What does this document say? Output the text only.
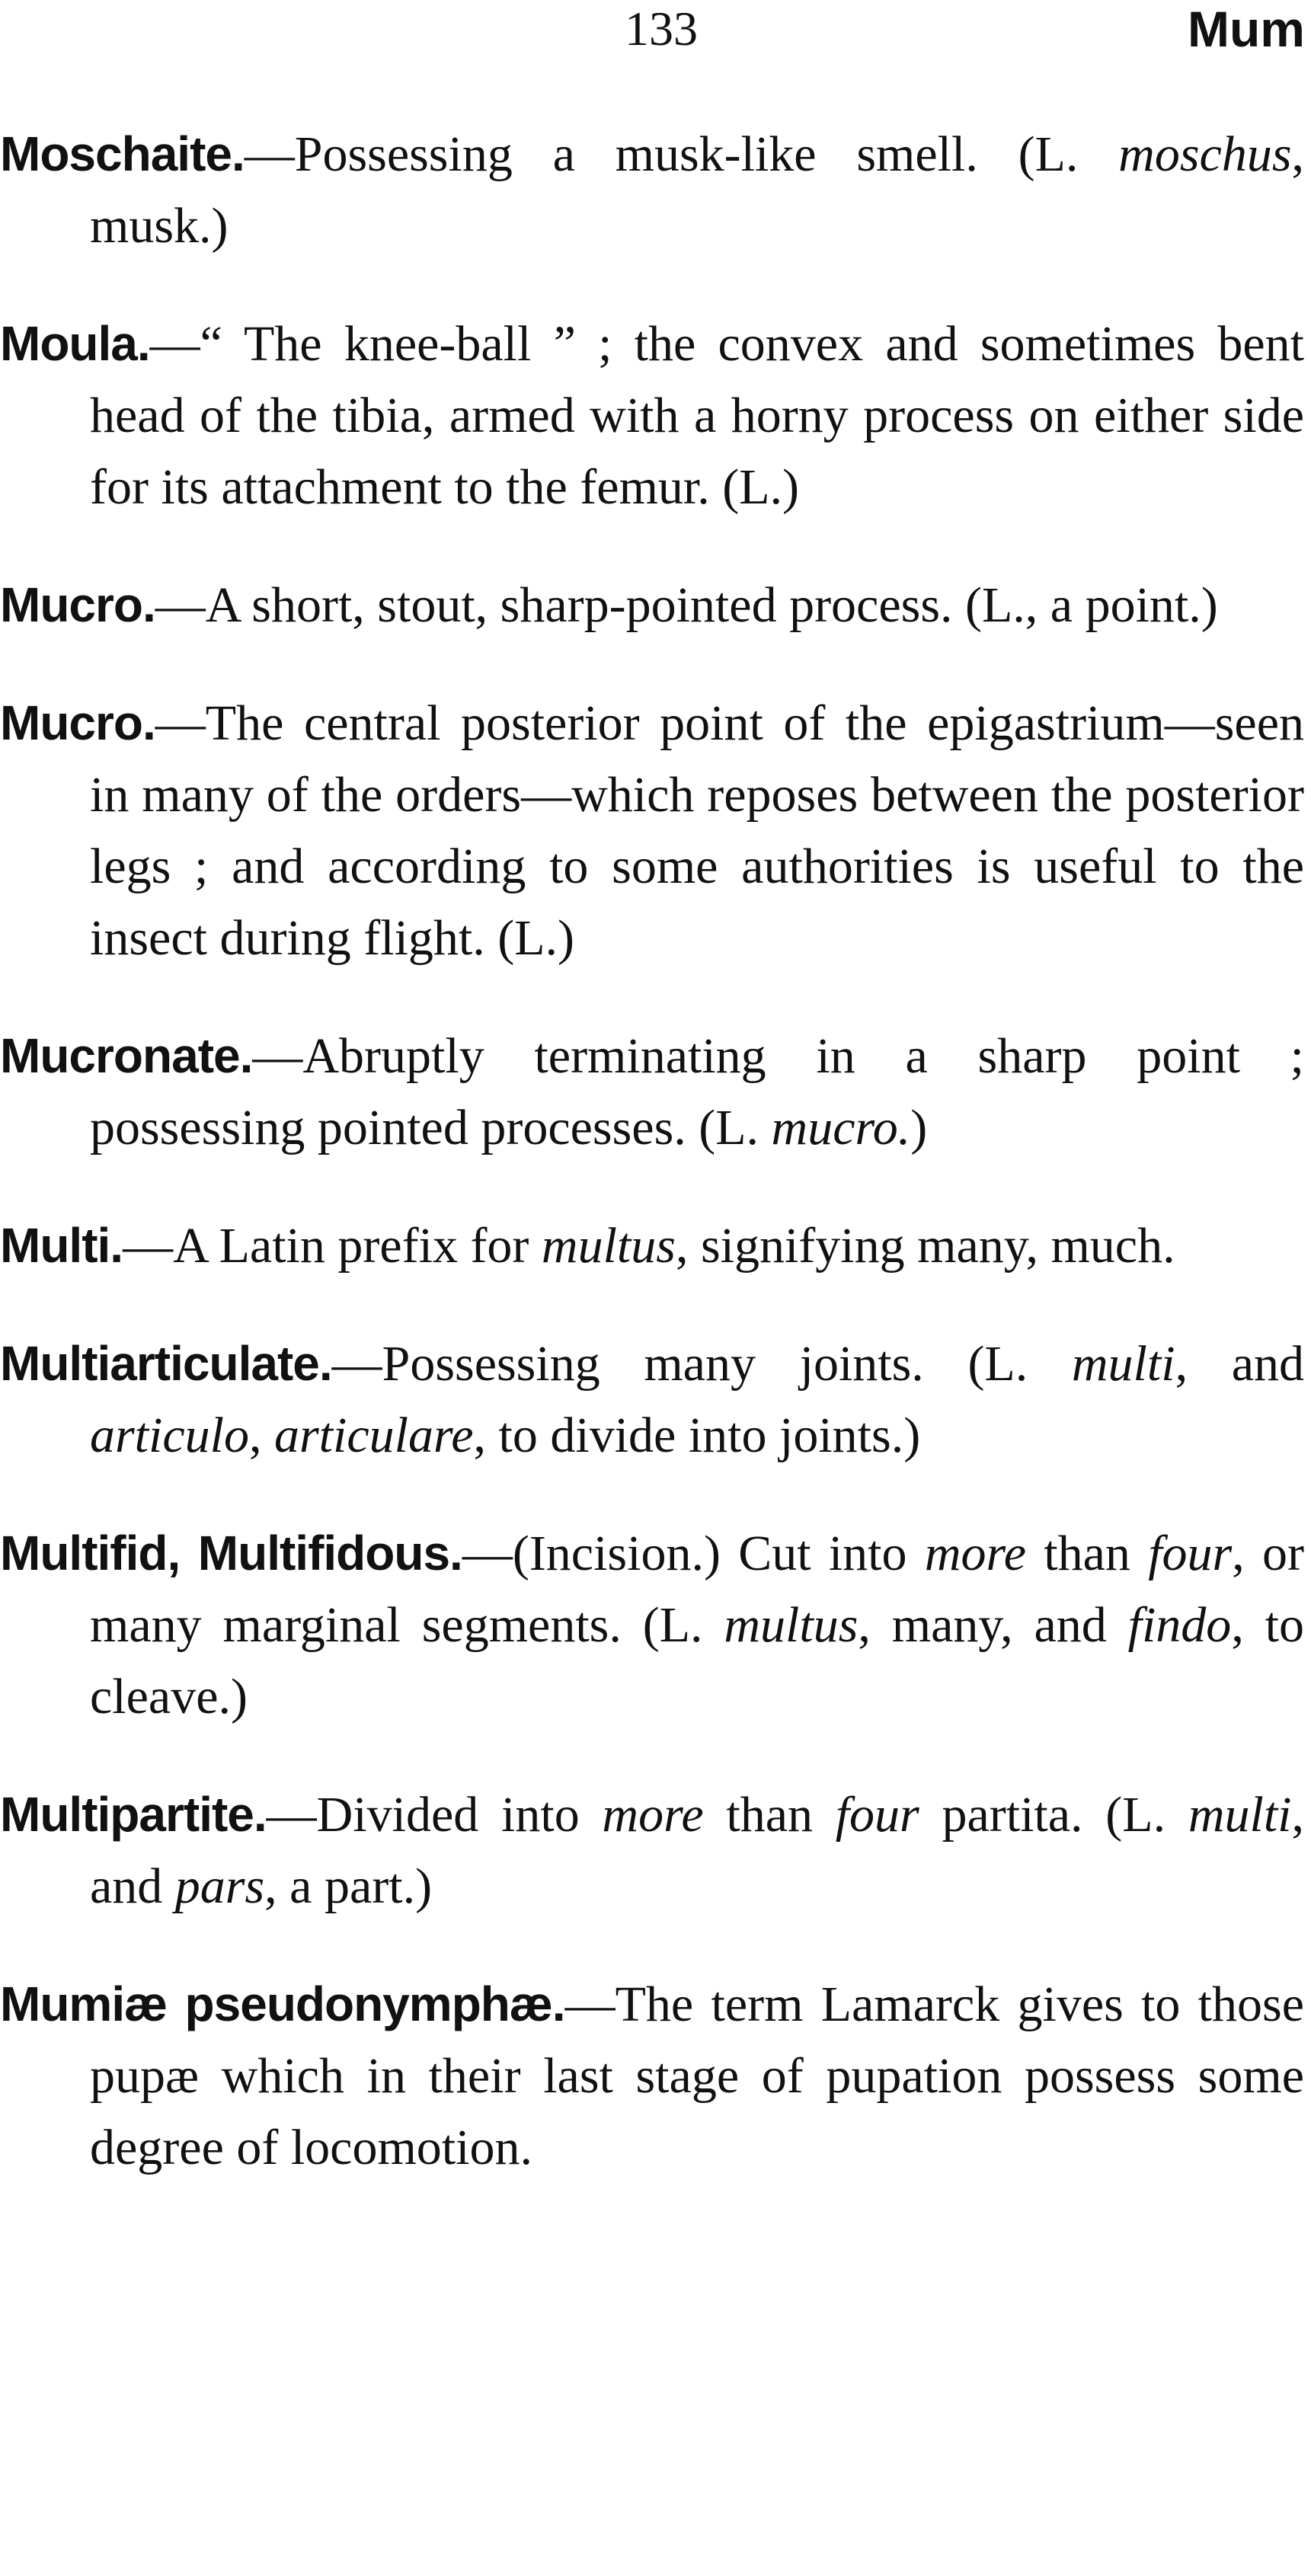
133	Mum

Moschaite.—Possessing a musk-like smell. (L. moschus, musk.)

Moula.—“ The knee-ball ” ; the convex and sometimes bent head of the tibia, armed with a horny process on either side for its attachment to the femur. (L.)

Mucro.—A short, stout, sharp-pointed process. (L., a point.)

Mucro.—The central posterior point of the epigastrium—seen in many of the orders—which reposes between the posterior legs ; and according to some authorities is useful to the insect during flight. (L.)

Mucronate.—Abruptly terminating in a sharp point ; possessing pointed processes. (L. mucro.)

Multi.—A Latin prefix for multus, signifying many, much.

Multiarticulate.—Possessing many joints. (L. multi, and articulo, articulare, to divide into joints.)

Multifid, Multifidous.—(Incision.) Cut into more than four, or many marginal segments. (L. multus, many, and findo, to cleave.)

Multipartite.—Divided into more than four partita. (L. multi, and pars, a part.)

Mumiæ pseudonymphæ.—The term Lamarck gives to those pupæ which in their last stage of pupation possess some degree of locomotion.
